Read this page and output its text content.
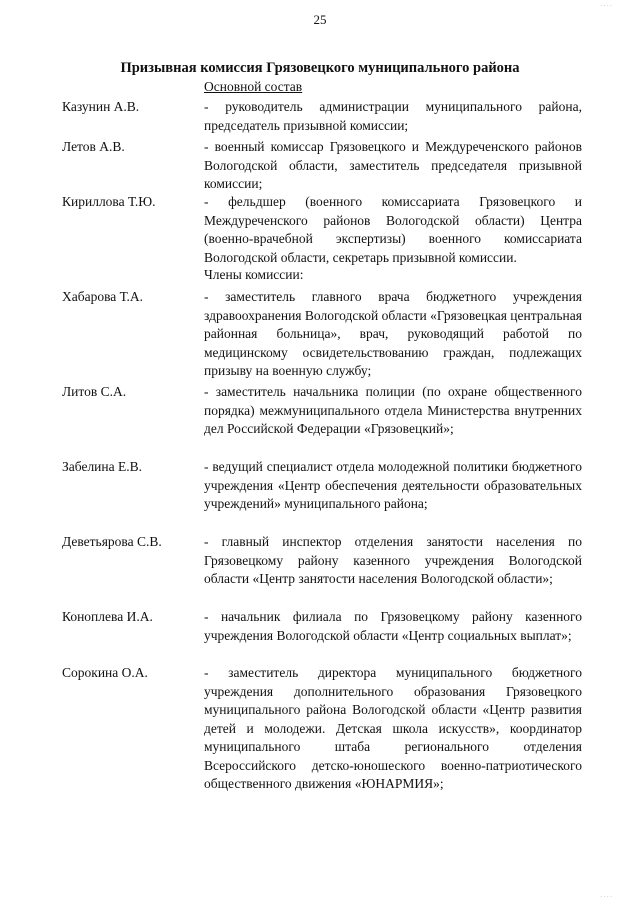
25
Призывная комиссия Грязовецкого муниципального района
Основной состав
Казунин А.В.	- руководитель администрации муниципального района, председатель призывной комиссии;
Летов А.В.	- военный комиссар Грязовецкого и Междуреченского районов Вологодской области, заместитель председателя призывной комиссии;
Кириллова Т.Ю.	- фельдшер (военного комиссариата Грязовецкого и Междуреченского районов Вологодской области) Центра (военно-врачебной экспертизы) военного комиссариата Вологодской области, секретарь призывной комиссии.
Члены комиссии:
Хабарова Т.А.	- заместитель главного врача бюджетного учреждения здравоохранения Вологодской области «Грязовецкая центральная районная больница», врач, руководящий работой по медицинскому освидетельствованию граждан, подлежащих призыву на военную службу;
Литов С.А.	- заместитель начальника полиции (по охране общественного порядка) межмуниципального отдела Министерства внутренних дел Российской Федерации «Грязовецкий»;
Забелина Е.В.	- ведущий специалист отдела молодежной политики бюджетного учреждения «Центр обеспечения деятельности образовательных учреждений» муниципального района;
Деветьярова С.В.	- главный инспектор отделения занятости населения по Грязовецкому району казенного учреждения Вологодской области «Центр занятости населения Вологодской области»;
Коноплева И.А.	- начальник филиала по Грязовецкому району казенного учреждения Вологодской области «Центр социальных выплат»;
Сорокина О.А.	- заместитель директора муниципального бюджетного учреждения дополнительного образования Грязовецкого муниципального района Вологодской области «Центр развития детей и молодежи. Детская школа искусств», координатор муниципального штаба регионального отделения Всероссийского детско-юношеского военно-патриотического общественного движения «ЮНАРМИЯ»;
····
····
